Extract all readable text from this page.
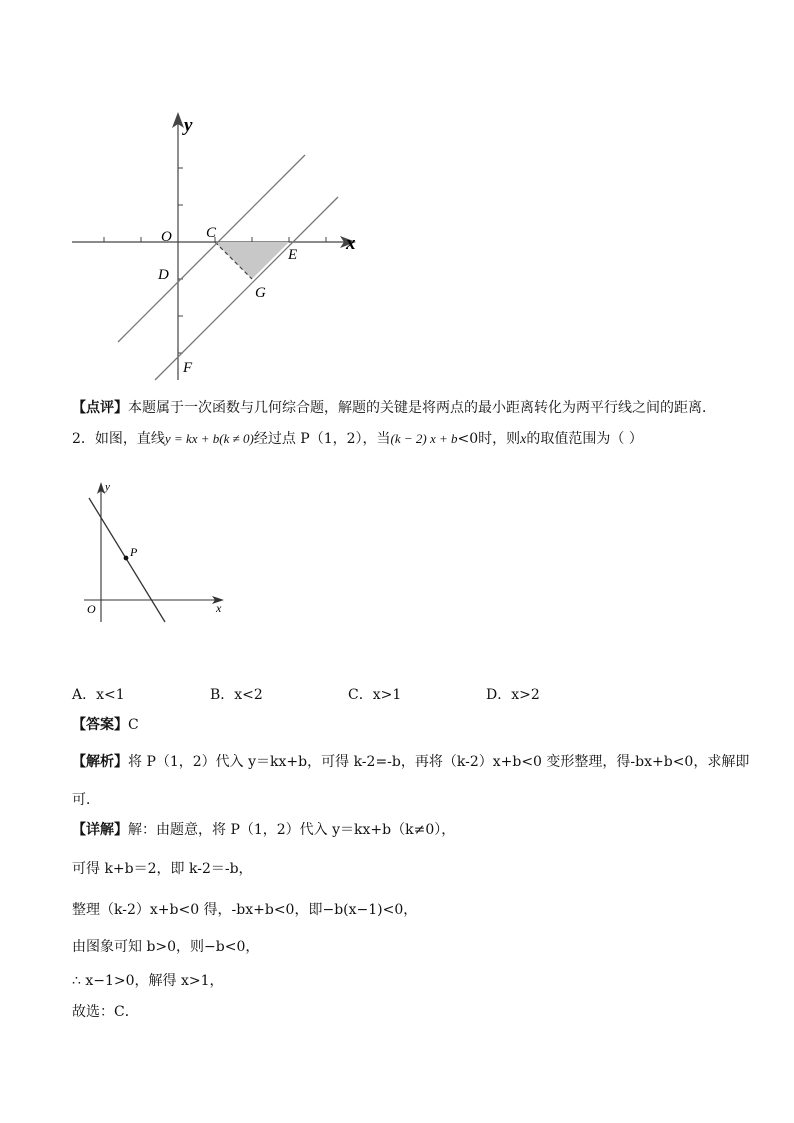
y
x
O C
D
E
G
F
【点评】本题属于一次函数与几何综合题，解题的关键是将两点的最小距离转化为两平行线之间的距离．
2．如图，直线y = kx + b(k ≠ 0)经过点 P（1，2），当(k − 2) x + b<0时，则x的取值范围为（ ）
y
x
O
P
A．x<1	B．x<2	C．x>1	D．x>2
【答案】C
【解析】将 P（1，2）代入 y＝kx+b，可得 k-2=-b，再将（k-2）x+b<0 变形整理，得-bx+b<0，求解即
可．
【详解】解：由题意，将 P（1，2）代入 y＝kx+b（k≠0），
可得 k+b＝2，即 k-2＝-b，
整理（k-2）x+b<0 得，-bx+b<0，即−b(x−1)<0，
由图象可知 b>0，则−b<0，
∴ x−1>0，解得 x>1，
故选：C．
